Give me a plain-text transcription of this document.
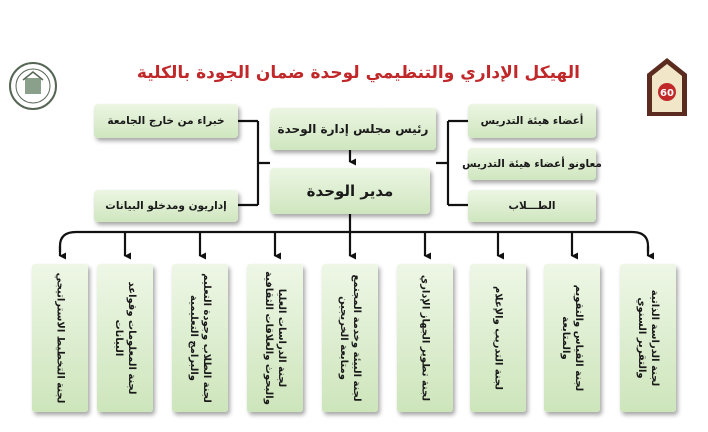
الهيكل الإداري والتنظيمي لوحدة ضمان الجودة بالكلية
60
رئيس مجلس إدارة الوحدة
مدير الوحدة
خبراء من خارج الجامعة
إداريون ومدخلو البيانات
أعضاء هيئة التدريس
معاونو أعضاء هيئة التدريس
الطـــلاب
لجنة التخطيط الاستراتيجي	لجنة المعلومات وقواعد البيانات	لجنة الطلاب وجودة التعليم والبرامج التعليمية	لجنة الدراسات العليا والبحوث والعلاقات الثقافية	لجنة البيئة وخدمة المجتمع ومتابعة الخريجين	لجنة تطوير الجهاز الإداري	لجنة التدريب والإعلام	لجنة القياس والتقويم والمتابعة	لجنة الدراسة الذاتية والتقرير السنوي
